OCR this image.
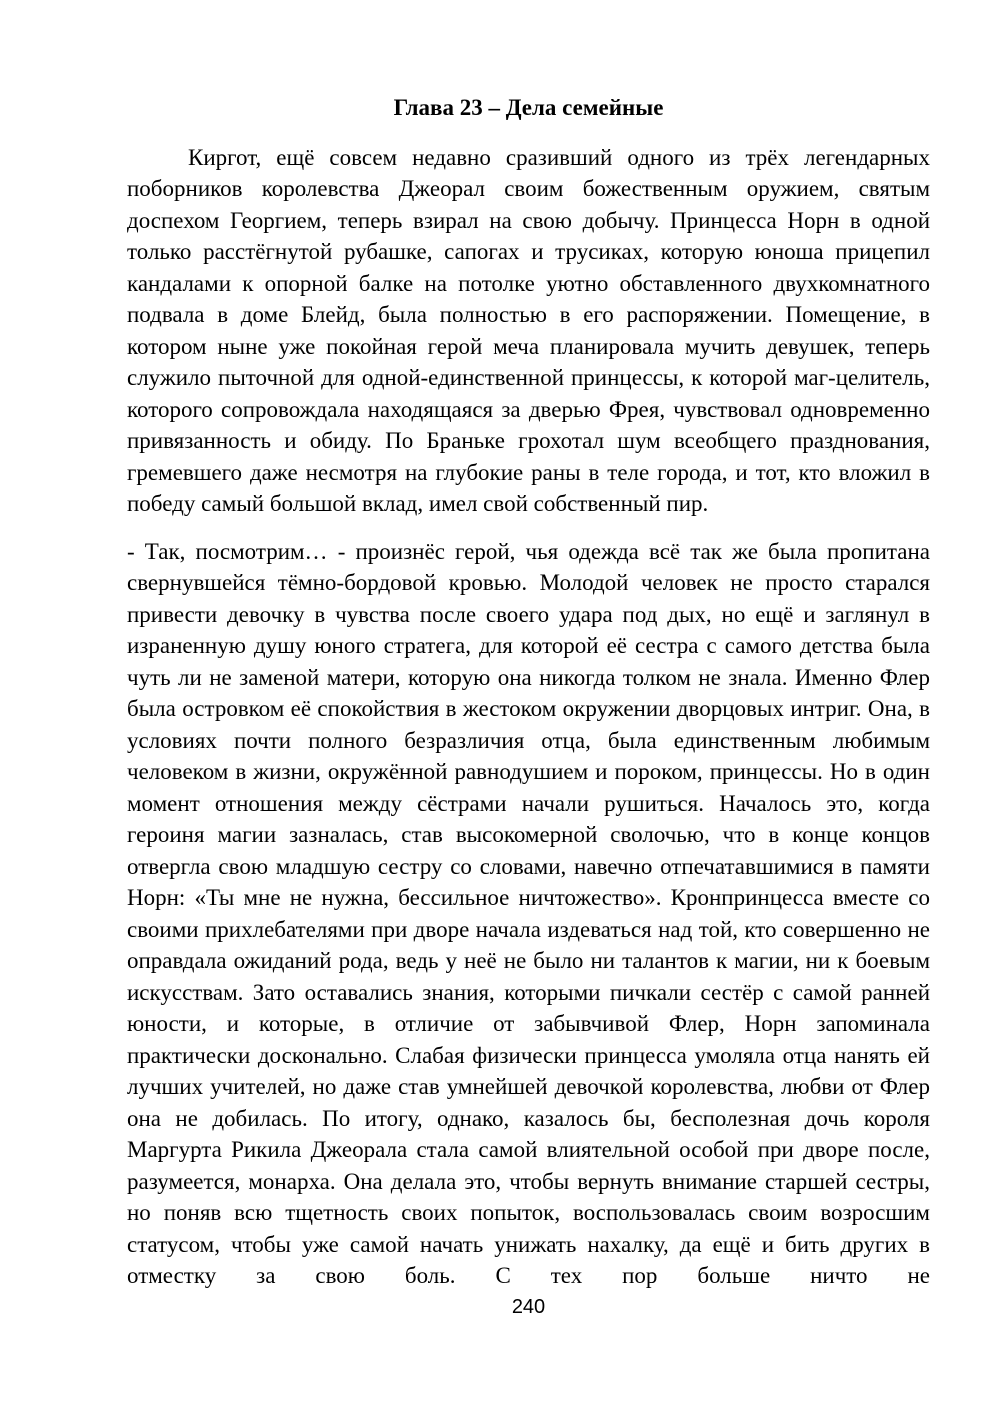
Глава 23 – Дела семейные

Киргот, ещё совсем недавно сразивший одного из трёх легендарных поборников королевства Джеорал своим божественным оружием, святым доспехом Георгием, теперь взирал на свою добычу. Принцесса Норн в одной только расстёгнутой рубашке, сапогах и трусиках, которую юноша прицепил кандалами к опорной балке на потолке уютно обставленного двухкомнатного подвала в доме Блейд, была полностью в его распоряжении. Помещение, в котором ныне уже покойная герой меча планировала мучить девушек, теперь служило пыточной для одной-единственной принцессы, к которой маг-целитель, которого сопровождала находящаяся за дверью Фрея, чувствовал одновременно привязанность и обиду. По Браньке грохотал шум всеобщего празднования, гремевшего даже несмотря на глубокие раны в теле города, и тот, кто вложил в победу самый большой вклад, имел свой собственный пир.

- Так, посмотрим… - произнёс герой, чья одежда всё так же была пропитана свернувшейся тёмно-бордовой кровью. Молодой человек не просто старался привести девочку в чувства после своего удара под дых, но ещё и заглянул в израненную душу юного стратега, для которой её сестра с самого детства была чуть ли не заменой матери, которую она никогда толком не знала. Именно Флер была островком её спокойствия в жестоком окружении дворцовых интриг. Она, в условиях почти полного безразличия отца, была единственным любимым человеком в жизни, окружённой равнодушием и пороком, принцессы. Но в один момент отношения между сёстрами начали рушиться. Началось это, когда героиня магии зазналась, став высокомерной сволочью, что в конце концов отвергла свою младшую сестру со словами, навечно отпечатавшимися в памяти Норн: «Ты мне не нужна, бессильное ничтожество». Кронпринцесса вместе со своими прихлебателями при дворе начала издеваться над той, кто совершенно не оправдала ожиданий рода, ведь у неё не было ни талантов к магии, ни к боевым искусствам. Зато оставались знания, которыми пичкали сестёр с самой ранней юности, и которые, в отличие от забывчивой Флер, Норн запоминала практически досконально. Слабая физически принцесса умоляла отца нанять ей лучших учителей, но даже став умнейшей девочкой королевства, любви от Флер она не добилась. По итогу, однако, казалось бы, бесполезная дочь короля Маргурта Рикила Джеорала стала самой влиятельной особой при дворе после, разумеется, монарха. Она делала это, чтобы вернуть внимание старшей сестры, но поняв всю тщетность своих попыток, воспользовалась своим возросшим статусом, чтобы уже самой начать унижать нахалку, да ещё и бить других в отместку за свою боль. С тех пор больше ничто не

240
